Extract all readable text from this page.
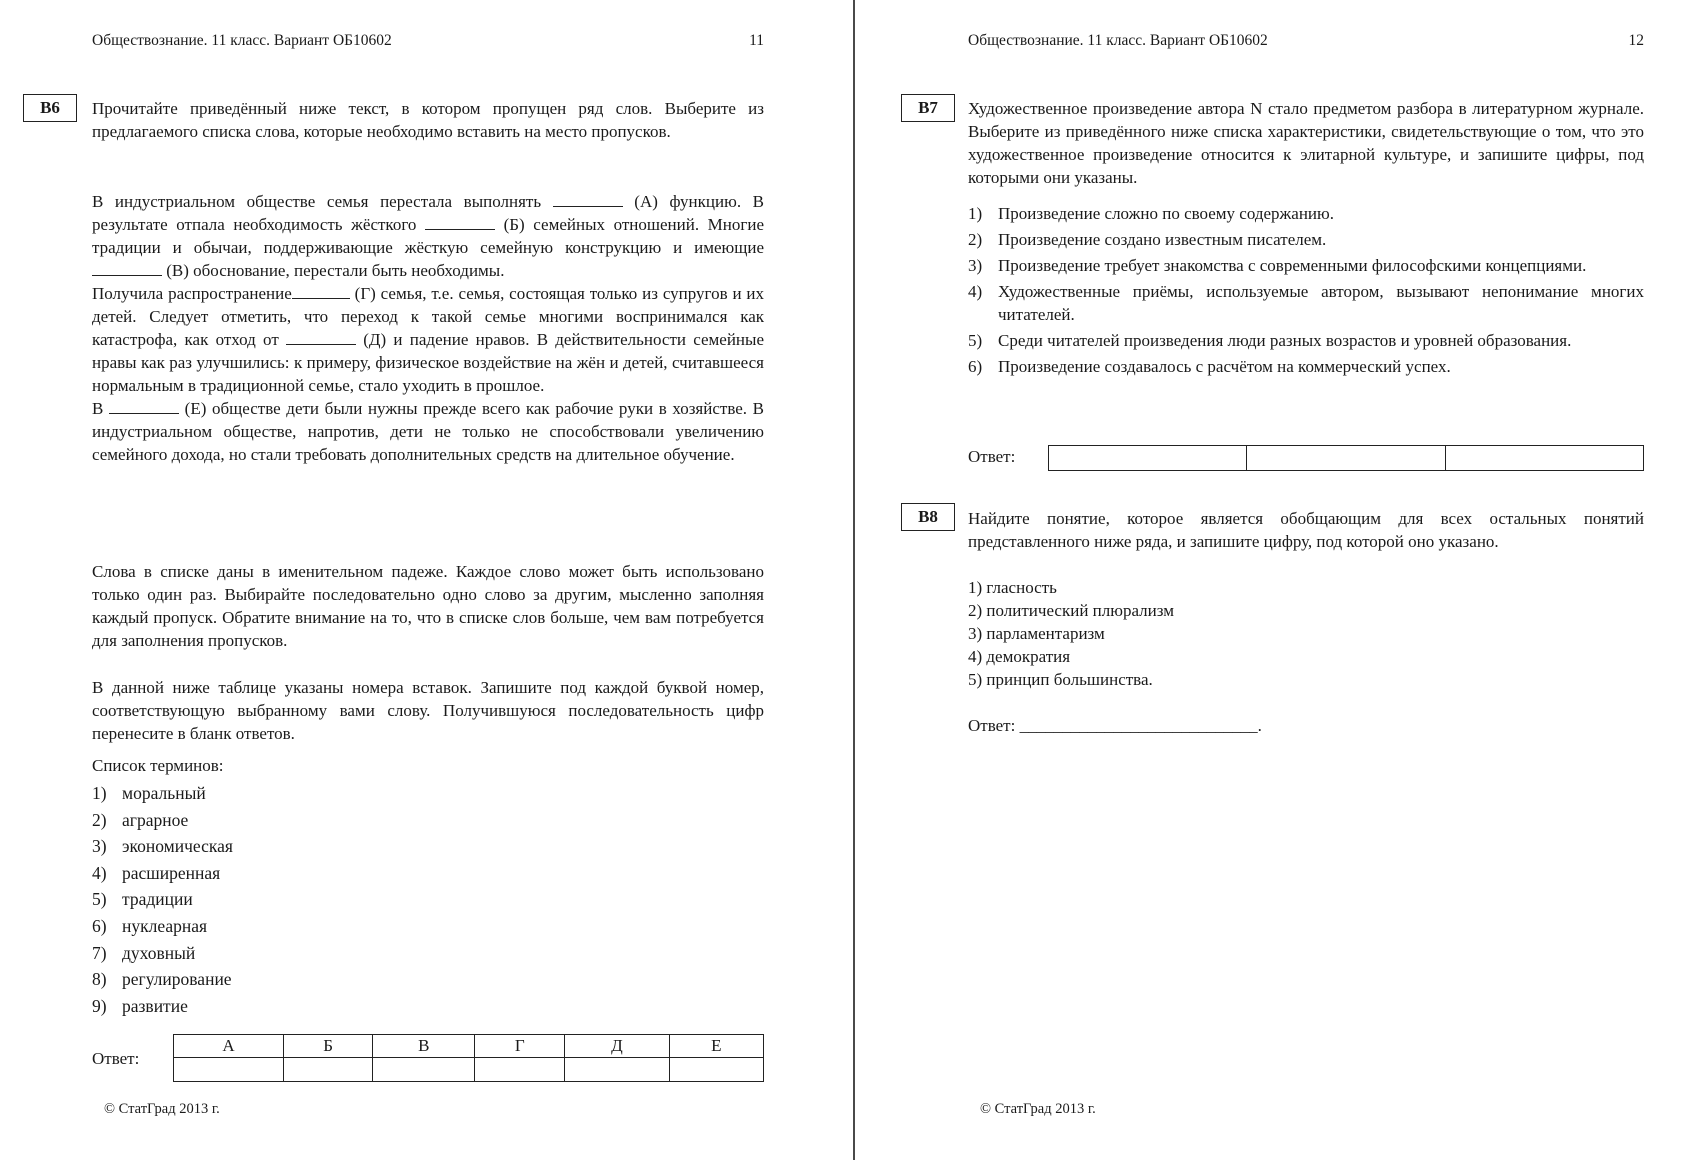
Обществознание. 11 класс. Вариант ОБ10602	11
В6	Прочитайте приведённый ниже текст, в котором пропущен ряд слов. Выберите из предлагаемого списка слова, которые необходимо вставить на место пропусков.

В индустриальном обществе семья перестала выполнять	(А) функцию. В результате отпала необходимость жёсткого	(Б) семейных отношений. Многие традиции и обычаи, поддерживающие жёсткую семейную конструкцию и имеющие  (В) обоснование, перестали быть необходимы.

Получила распространение	(Г) семья, т.е. семья, состоящая только из супругов и их детей. Следует отметить, что переход к такой семье многими воспринимался как катастрофа, как отход от	(Д) и падение нравов. В действительности семейные нравы как раз улучшились: к примеру, физическое воздействие на жён и детей, считавшееся нормальным в традиционной семье, стало уходить в прошлое.

В	(Е) обществе дети были нужны прежде всего как рабочие руки в хозяйстве. В индустриальном обществе, напротив, дети не только не способствовали увеличению семейного дохода, но стали требовать дополнительных средств на длительное обучение.

Слова в списке даны в именительном падеже. Каждое слово может быть использовано только один раз. Выбирайте последовательно одно слово за другим, мысленно заполняя каждый пропуск. Обратите внимание на то, что в списке слов больше, чем вам потребуется для заполнения пропусков.

В данной ниже таблице указаны номера вставок. Запишите под каждой буквой номер, соответствующую выбранному вами слову. Получившуюся последовательность цифр перенесите в бланк ответов.

Список терминов:

1) моральный
2) аграрное
3) экономическая
4) расширенная
5) традиции
6) нуклеарная
7) духовный
8) регулирование
9) развитие
Ответ:
А	Б	В	Г	Д	Е

© СтатГрад 2013 г.
Обществознание. 11 класс. Вариант ОБ10602	12
В7	Художественное произведение автора N стало предметом разбора в литературном журнале. Выберите из приведённого ниже списка характеристики, свидетельствующие о том, что это художественное произведение относится к элитарной культуре, и запишите цифры, под которыми они указаны.

1) Произведение сложно по своему содержанию.
2) Произведение создано известным писателем.
3) Произведение требует знакомства с современными философскими концепциями.
4) Художественные приёмы, используемые автором, вызывают непонимание многих читателей.
5) Среди читателей произведения люди разных возрастов и уровней образования.
6) Произведение создавалось с расчётом на коммерческий успех.
Ответ:

В8	Найдите понятие, которое является обобщающим для всех остальных понятий представленного ниже ряда, и запишите цифру, под которой оно указано.

1) гласность

2) политический плюрализм

3) парламентаризм

4) демократия

5) принцип большинства.

Ответ: ____________________________.
© СтатГрад 2013 г.
